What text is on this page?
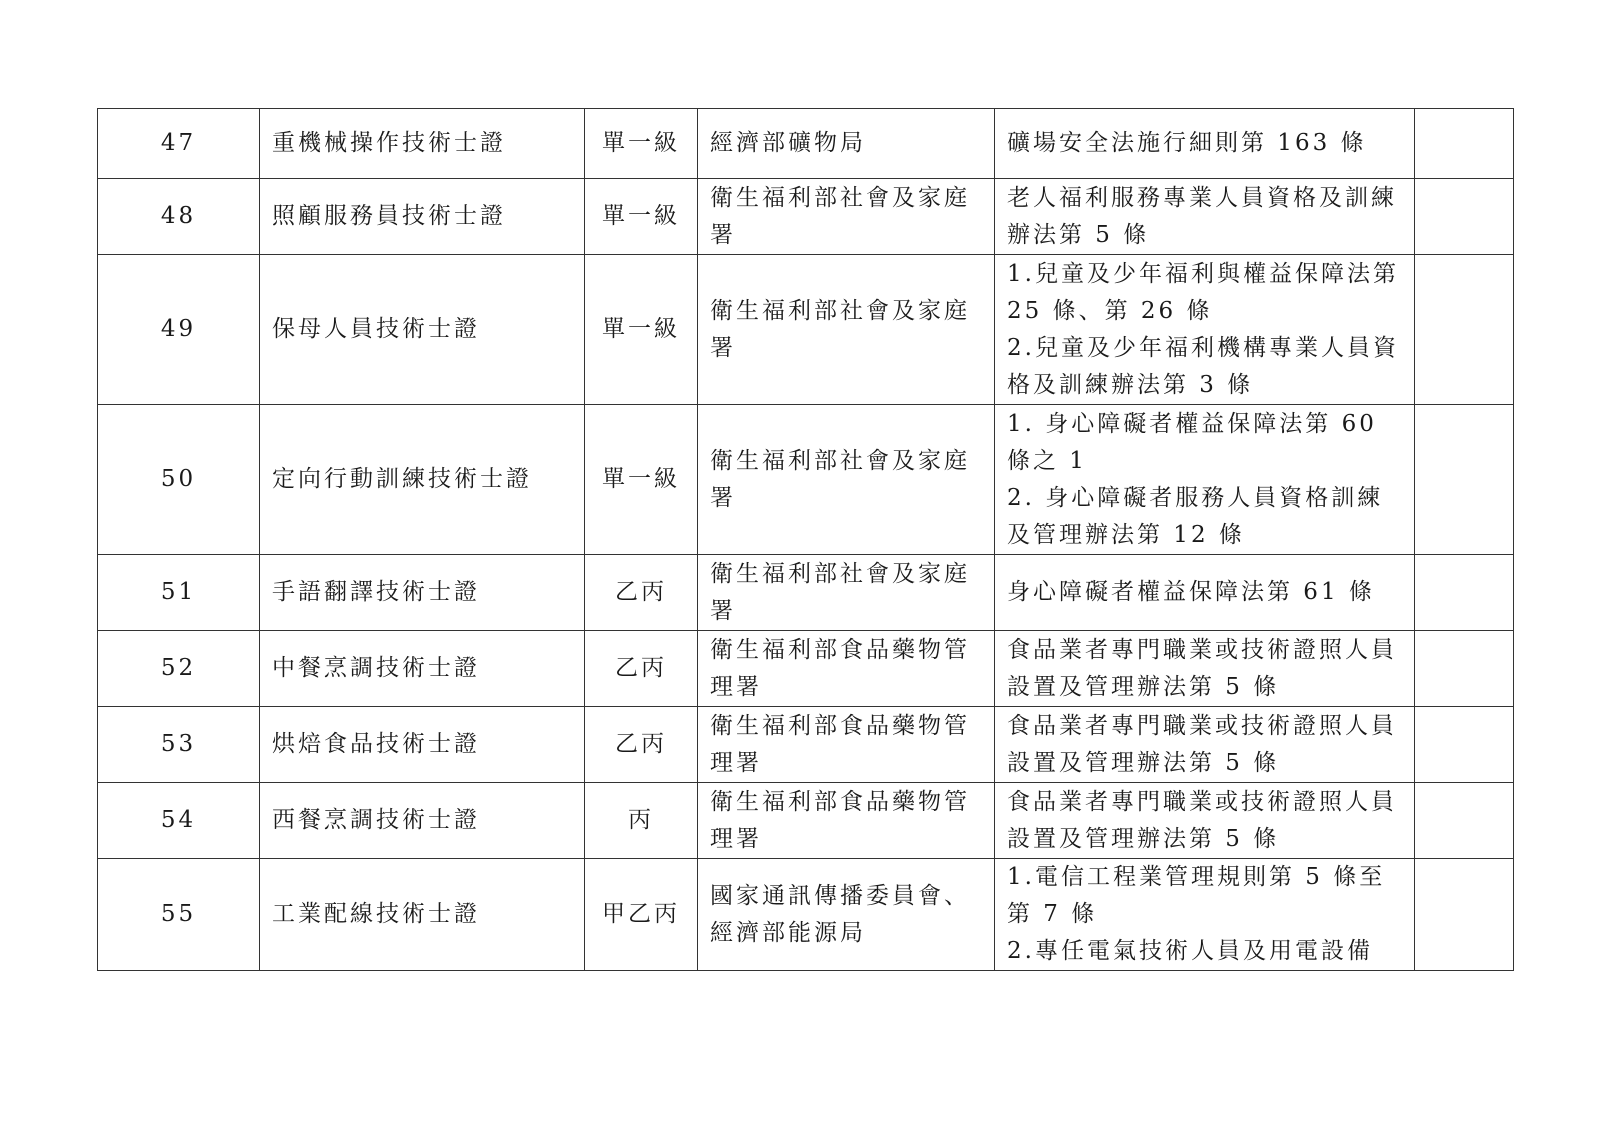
47	重機械操作技術士證	單一級	經濟部礦物局	礦場安全法施行細則第 163 條	

48	照顧服務員技術士證	單一級	衛生福利部社會及家庭署	老人福利服務專業人員資格及訓練辦法第 5 條	

49	保母人員技術士證	單一級	衛生福利部社會及家庭署	1.兒童及少年福利與權益保障法第 25 條、第 26 條
2.兒童及少年福利機構專業人員資格及訓練辦法第 3 條	

50	定向行動訓練技術士證	單一級	衛生福利部社會及家庭署	1. 身心障礙者權益保障法第 60 條之 1
2. 身心障礙者服務人員資格訓練及管理辦法第 12 條	

51	手語翻譯技術士證	乙丙	衛生福利部社會及家庭署	身心障礙者權益保障法第 61 條	

52	中餐烹調技術士證	乙丙	衛生福利部食品藥物管理署	食品業者專門職業或技術證照人員設置及管理辦法第 5 條	

53	烘焙食品技術士證	乙丙	衛生福利部食品藥物管理署	食品業者專門職業或技術證照人員設置及管理辦法第 5 條	

54	西餐烹調技術士證	丙	衛生福利部食品藥物管理署	食品業者專門職業或技術證照人員設置及管理辦法第 5 條	

55	工業配線技術士證	甲乙丙	國家通訊傳播委員會、經濟部能源局	1.電信工程業管理規則第 5 條至第 7 條
2.專任電氣技術人員及用電設備	
